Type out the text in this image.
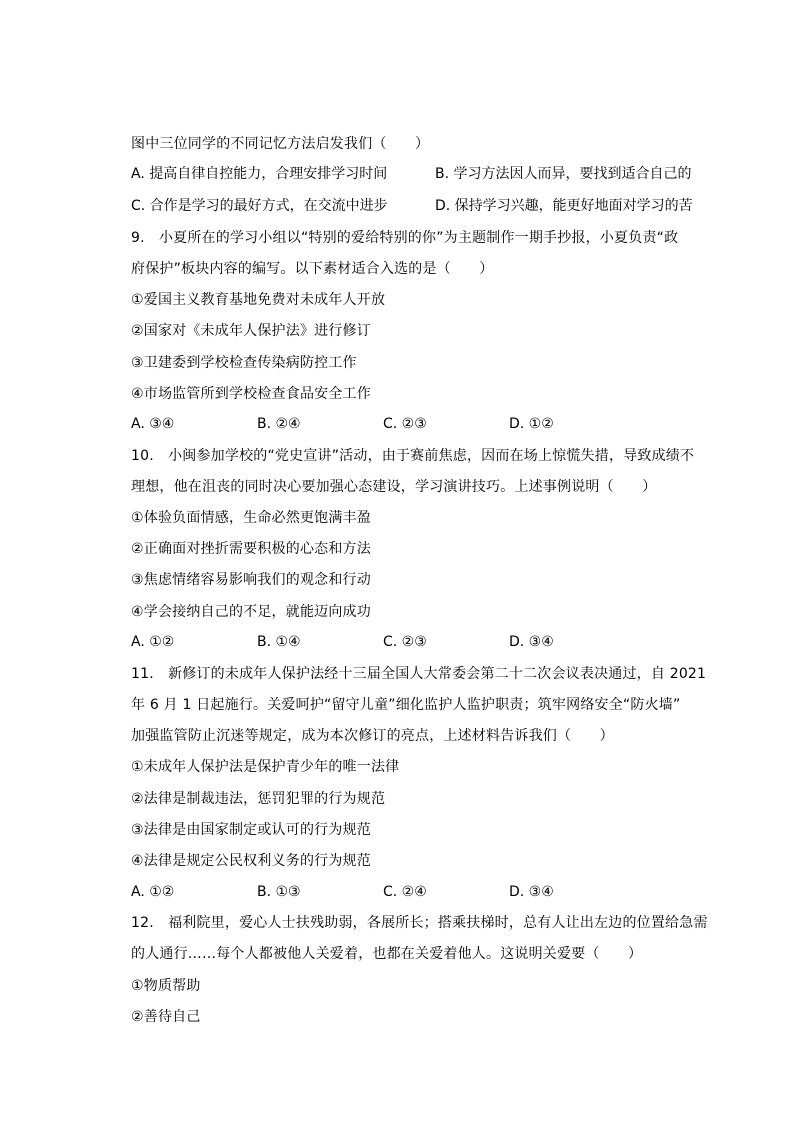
图中三位同学的不同记忆方法启发我们（　　）
A. 提高自律自控能力，合理安排学习时间	B. 学习方法因人而异，要找到适合自己的
C. 合作是学习的最好方式，在交流中进步	D. 保持学习兴趣，能更好地面对学习的苦
9.　小夏所在的学习小组以“特别的爱给特别的你”为主题制作一期手抄报，小夏负责“政
府保护”板块内容的编写。以下素材适合入选的是（　　）
①爱国主义教育基地免费对未成年人开放
②国家对《未成年人保护法》进行修订
③卫建委到学校检查传染病防控工作
④市场监管所到学校检查食品安全工作
A. ③④	B. ②④	C. ②③	D. ①②
10.　小闽参加学校的“党史宣讲”活动，由于赛前焦虑，因而在场上惊慌失措，导致成绩不
理想，他在沮丧的同时决心要加强心态建设，学习演讲技巧。上述事例说明（　　）
①体验负面情感，生命必然更饱满丰盈
②正确面对挫折需要积极的心态和方法
③焦虑情绪容易影响我们的观念和行动
④学会接纳自己的不足，就能迈向成功
A. ①②	B. ①④	C. ②③	D. ③④
11.　新修订的未成年人保护法经十三届全国人大常委会第二十二次会议表决通过，自 2021
年 6 月 1 日起施行。关爱呵护“留守儿童”细化监护人监护职责；筑牢网络安全“防火墙”
加强监管防止沉迷等规定，成为本次修订的亮点，上述材料告诉我们（　　）
①未成年人保护法是保护青少年的唯一法律
②法律是制裁违法，惩罚犯罪的行为规范
③法律是由国家制定或认可的行为规范
④法律是规定公民权利义务的行为规范
A. ①②	B. ①③	C. ②④	D. ③④
12.　福利院里，爱心人士扶残助弱，各展所长；搭乘扶梯时，总有人让出左边的位置给急需
的人通行……每个人都被他人关爱着，也都在关爱着他人。这说明关爱要（　　）
①物质帮助
②善待自己
